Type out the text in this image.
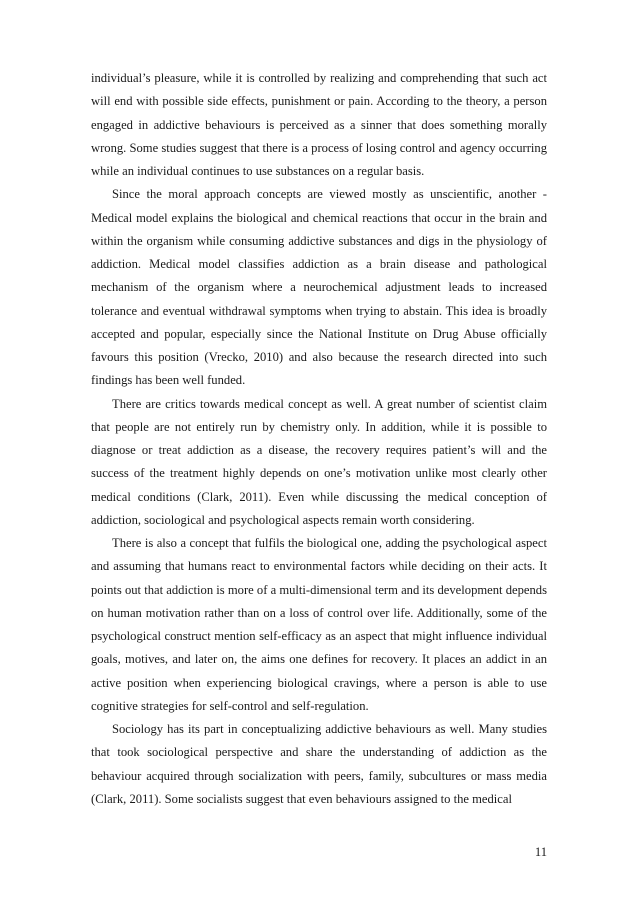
individual’s pleasure, while it is controlled by realizing and comprehending that such act will end with possible side effects, punishment or pain. According to the theory, a person engaged in addictive behaviours is perceived as a sinner that does something morally wrong. Some studies suggest that there is a process of losing control and agency occurring while an individual continues to use substances on a regular basis.

Since the moral approach concepts are viewed mostly as unscientific, another - Medical model explains the biological and chemical reactions that occur in the brain and within the organism while consuming addictive substances and digs in the physiology of addiction. Medical model classifies addiction as a brain disease and pathological mechanism of the organism where a neurochemical adjustment leads to increased tolerance and eventual withdrawal symptoms when trying to abstain. This idea is broadly accepted and popular, especially since the National Institute on Drug Abuse officially favours this position (Vrecko, 2010) and also because the research directed into such findings has been well funded.

There are critics towards medical concept as well. A great number of scientist claim that people are not entirely run by chemistry only. In addition, while it is possible to diagnose or treat addiction as a disease, the recovery requires patient’s will and the success of the treatment highly depends on one’s motivation unlike most clearly other medical conditions (Clark, 2011). Even while discussing the medical conception of addiction, sociological and psychological aspects remain worth considering.

There is also a concept that fulfils the biological one, adding the psychological aspect and assuming that humans react to environmental factors while deciding on their acts. It points out that addiction is more of a multi-dimensional term and its development depends on human motivation rather than on a loss of control over life. Additionally, some of the psychological construct mention self-efficacy as an aspect that might influence individual goals, motives, and later on, the aims one defines for recovery. It places an addict in an active position when experiencing biological cravings, where a person is able to use cognitive strategies for self-control and self-regulation.

Sociology has its part in conceptualizing addictive behaviours as well. Many studies that took sociological perspective and share the understanding of addiction as the behaviour acquired through socialization with peers, family, subcultures or mass media (Clark, 2011). Some socialists suggest that even behaviours assigned to the medical

11
